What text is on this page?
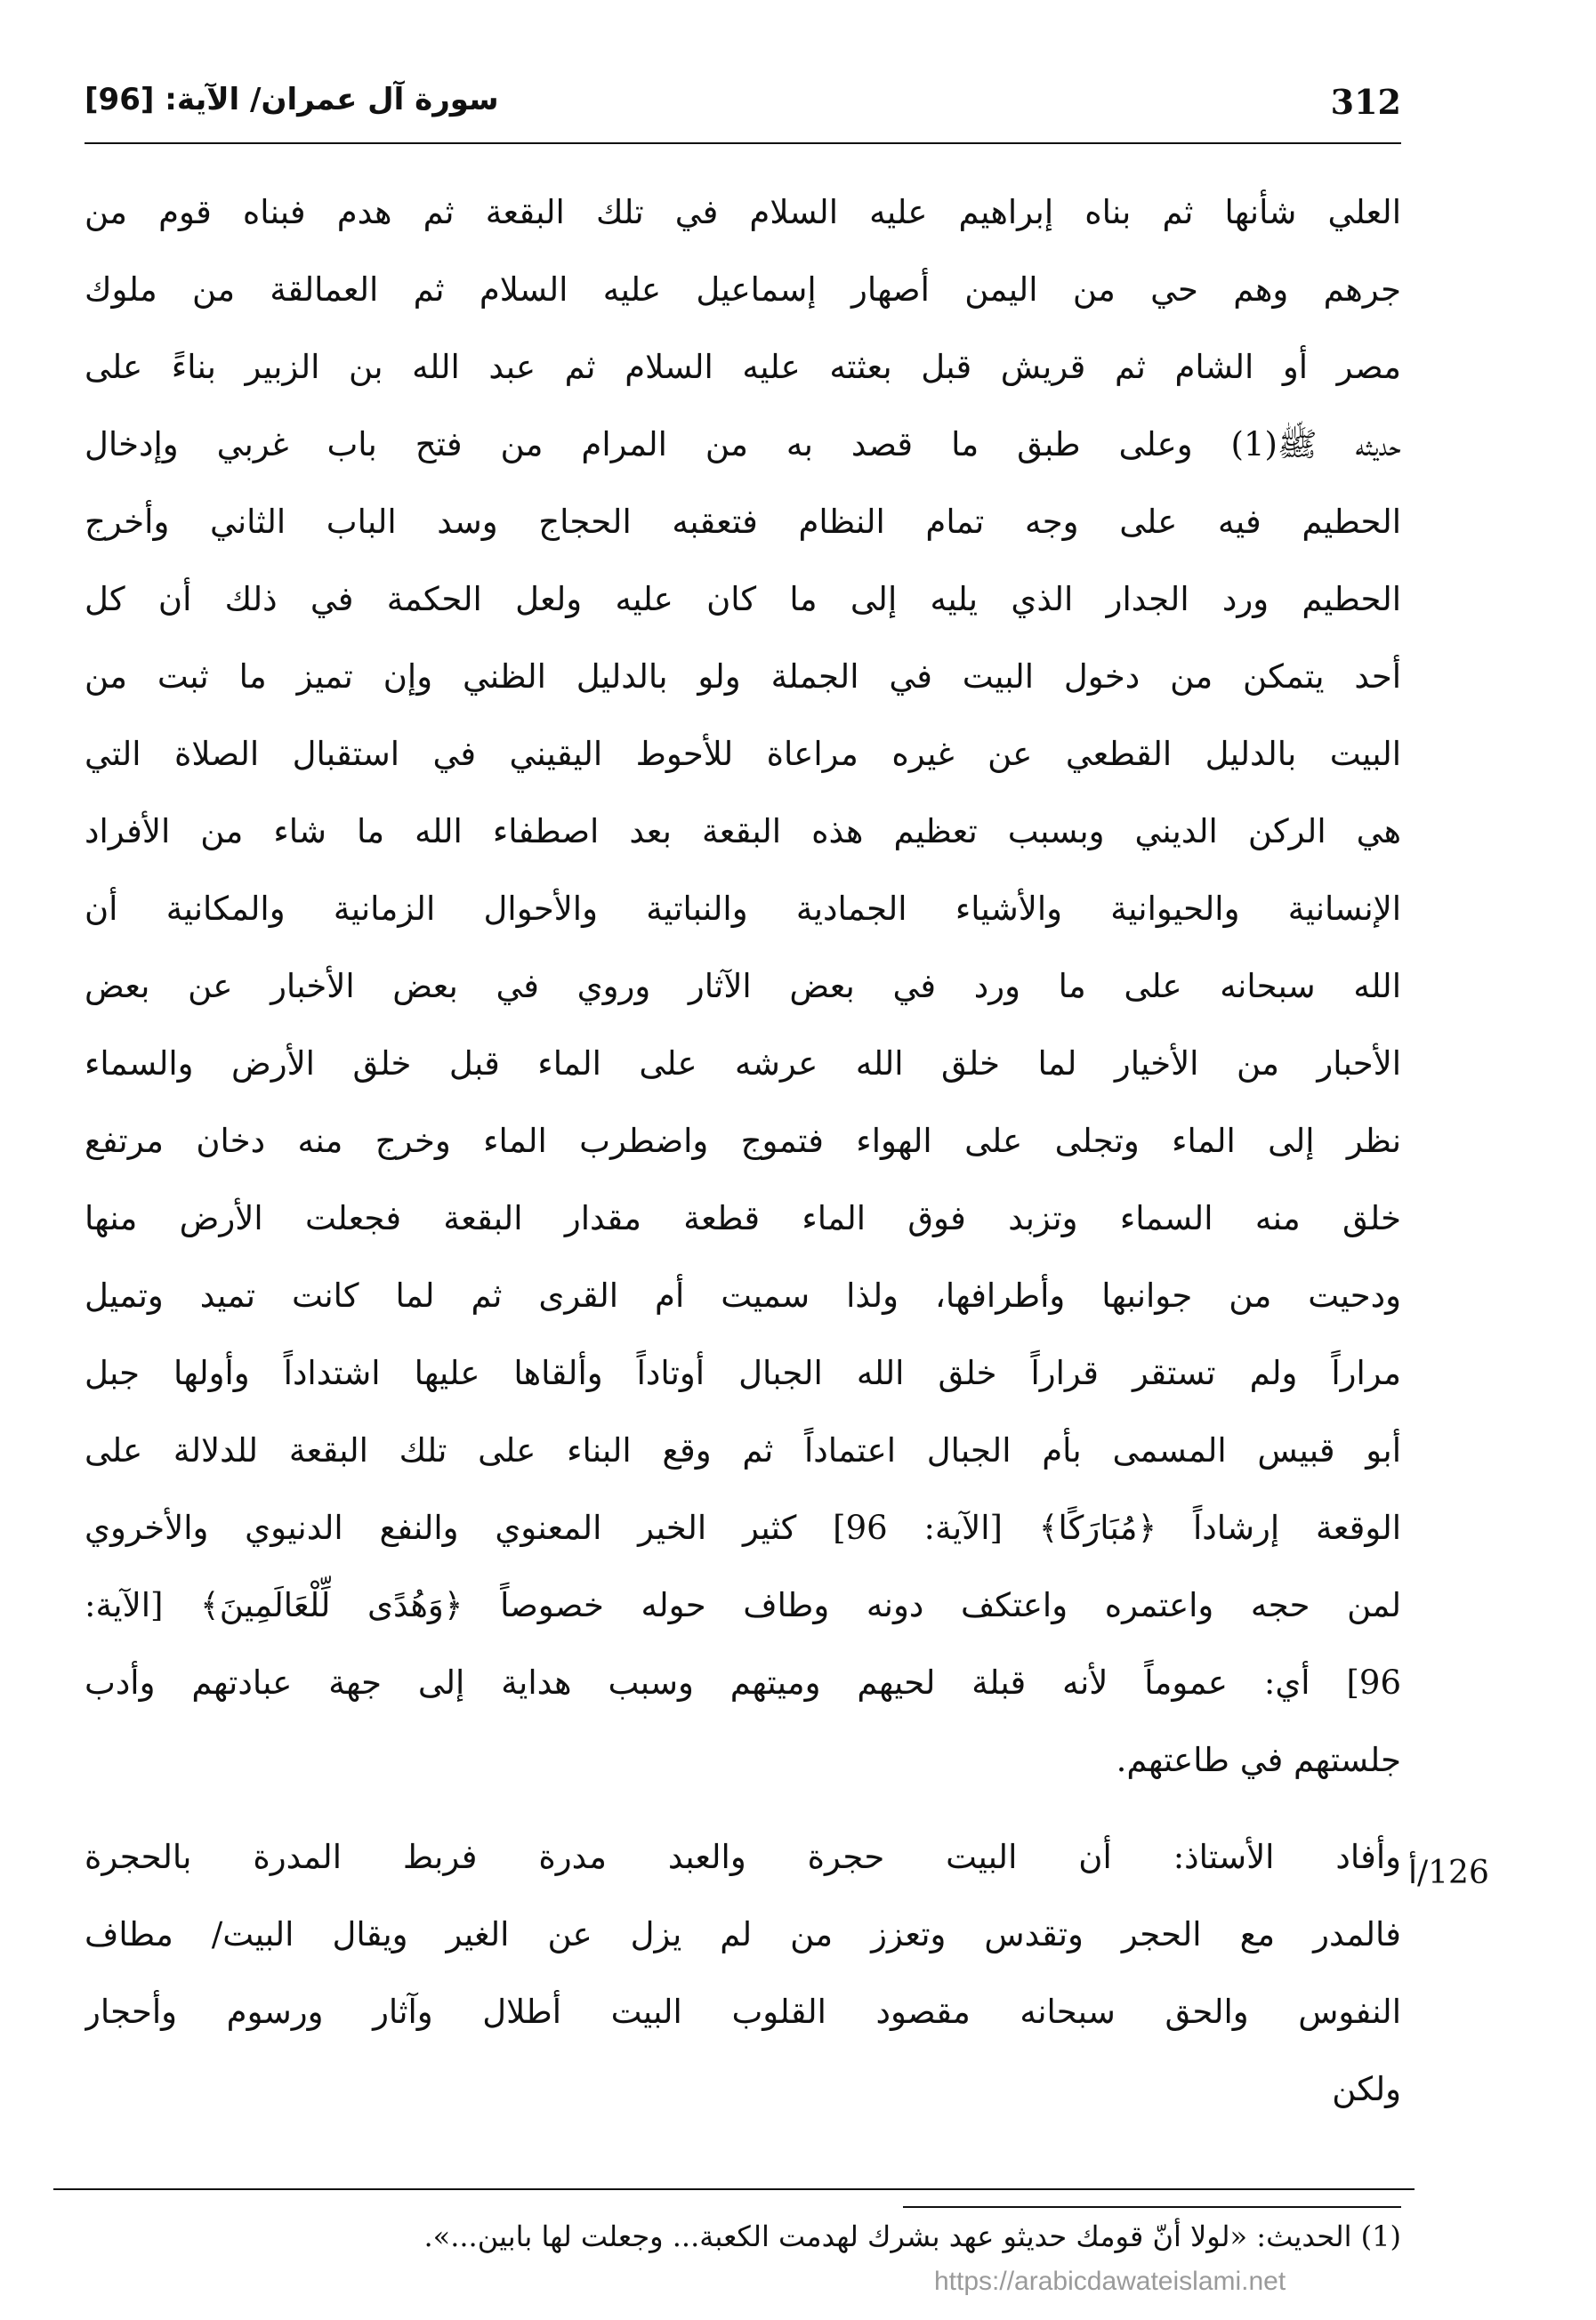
312
سورة آل عمران/ الآية: [96]
العلي شأنها ثم بناه إبراهيم عليه السلام في تلك البقعة ثم هدم فبناه قوم من
جرهم وهم حي من اليمن أصهار إسماعيل عليه السلام ثم العمالقة من ملوك
مصر أو الشام ثم قريش قبل بعثته عليه السلام ثم عبد الله بن الزبير بناءً على
حديثه ﷺ(1) وعلى طبق ما قصد به من المرام من فتح باب غربي وإدخال
الحطيم فيه على وجه تمام النظام فتعقبه الحجاج وسد الباب الثاني وأخرج
الحطيم ورد الجدار الذي يليه إلى ما كان عليه ولعل الحكمة في ذلك أن كل
أحد يتمكن من دخول البيت في الجملة ولو بالدليل الظني وإن تميز ما ثبت من
البيت بالدليل القطعي عن غيره مراعاة للأحوط اليقيني في استقبال الصلاة التي
هي الركن الديني وبسبب تعظيم هذه البقعة بعد اصطفاء الله ما شاء من الأفراد
الإنسانية والحيوانية والأشياء الجمادية والنباتية والأحوال الزمانية والمكانية أن
الله سبحانه على ما ورد في بعض الآثار وروي في بعض الأخبار عن بعض
الأحبار من الأخيار لما خلق الله عرشه على الماء قبل خلق الأرض والسماء
نظر إلى الماء وتجلى على الهواء فتموج واضطرب الماء وخرج منه دخان مرتفع
خلق منه السماء وتزبد فوق الماء قطعة مقدار البقعة فجعلت الأرض منها
ودحيت من جوانبها وأطرافها، ولذا سميت أم القرى ثم لما كانت تميد وتميل
مراراً ولم تستقر قراراً خلق الله الجبال أوتاداً وألقاها عليها اشتداداً وأولها جبل
أبو قبيس المسمى بأم الجبال اعتماداً ثم وقع البناء على تلك البقعة للدلالة على
الوقعة إرشاداً ﴿مُبَارَكًا﴾ [الآية: 96] كثير الخير المعنوي والنفع الدنيوي والأخروي
لمن حجه واعتمره واعتكف دونه وطاف حوله خصوصاً ﴿وَهُدًى لِّلْعَالَمِينَ﴾ [الآية:
96] أي: عموماً لأنه قبلة لحيهم وميتهم وسبب هداية إلى جهة عبادتهم وأدب
جلستهم في طاعتهم.
وأفاد الأستاذ: أن البيت حجرة والعبد مدرة فربط المدرة بالحجرة
فالمدر مع الحجر وتقدس وتعزز من لم يزل عن الغير ويقال البيت/ مطاف
النفوس والحق سبحانه مقصود القلوب البيت أطلال وآثار ورسوم وأحجار
ولكن
126/أ
(1) الحديث: «لولا أنّ قومك حديثو عهد بشرك لهدمت الكعبة... وجعلت لها بابين...».
https://arabicdawateislami.net
